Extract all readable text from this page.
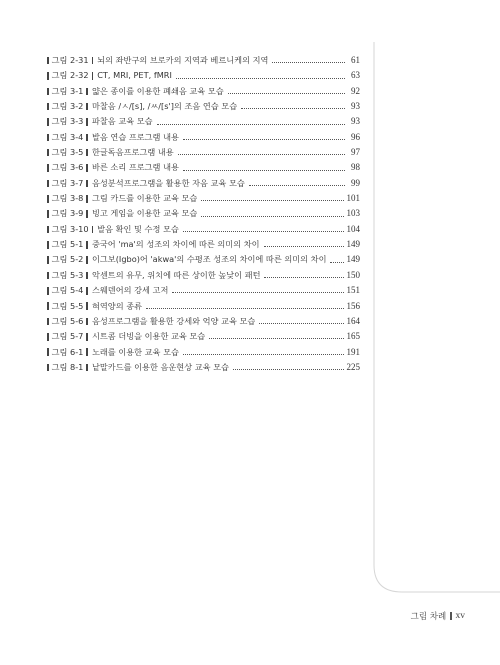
그림 2-31 뇌의 좌반구의 브로카의 지역과 베르니케의 지역	61
그림 2-32 CT, MRI, PET, fMRI	63
그림 3-1 얇은 종이를 이용한 폐쇄음 교육 모습	92
그림 3-2 마찰음 /ㅅ/[s], /ㅆ/[s']의 조음 연습 모습	93
그림 3-3 파찰음 교육 모습	93
그림 3-4 발음 연습 프로그램 내용	96
그림 3-5 한글독음프로그램 내용	97
그림 3-6 바른 소리 프로그램 내용	98
그림 3-7 음성분석프로그램을 활용한 자음 교육 모습	99
그림 3-8 그림 카드를 이용한 교육 모습	101
그림 3-9 빙고 게임을 이용한 교육 모습	103
그림 3-10 발음 확인 및 수정 모습	104
그림 5-1 중국어 'ma'의 성조의 차이에 따른 의미의 차이	149
그림 5-2 이그보(Igbo)어 'akwa'의 수평조 성조의 차이에 따른 의미의 차이 149
그림 5-3 악센트의 유무, 위치에 따른 상이한 높낮이 패턴	150
그림 5-4 스웨덴어의 강세 고저	151
그림 5-5 혀역양의 종류	156
그림 5-6 음성프로그램을 활용한 강세와 억양 교육 모습	164
그림 5-7 시트콤 더빙을 이용한 교육 모습	165
그림 6-1 노래를 이용한 교육 모습	191
그림 8-1 낱말카드를 이용한 음운현상 교육 모습	225
그림 차례 xv
